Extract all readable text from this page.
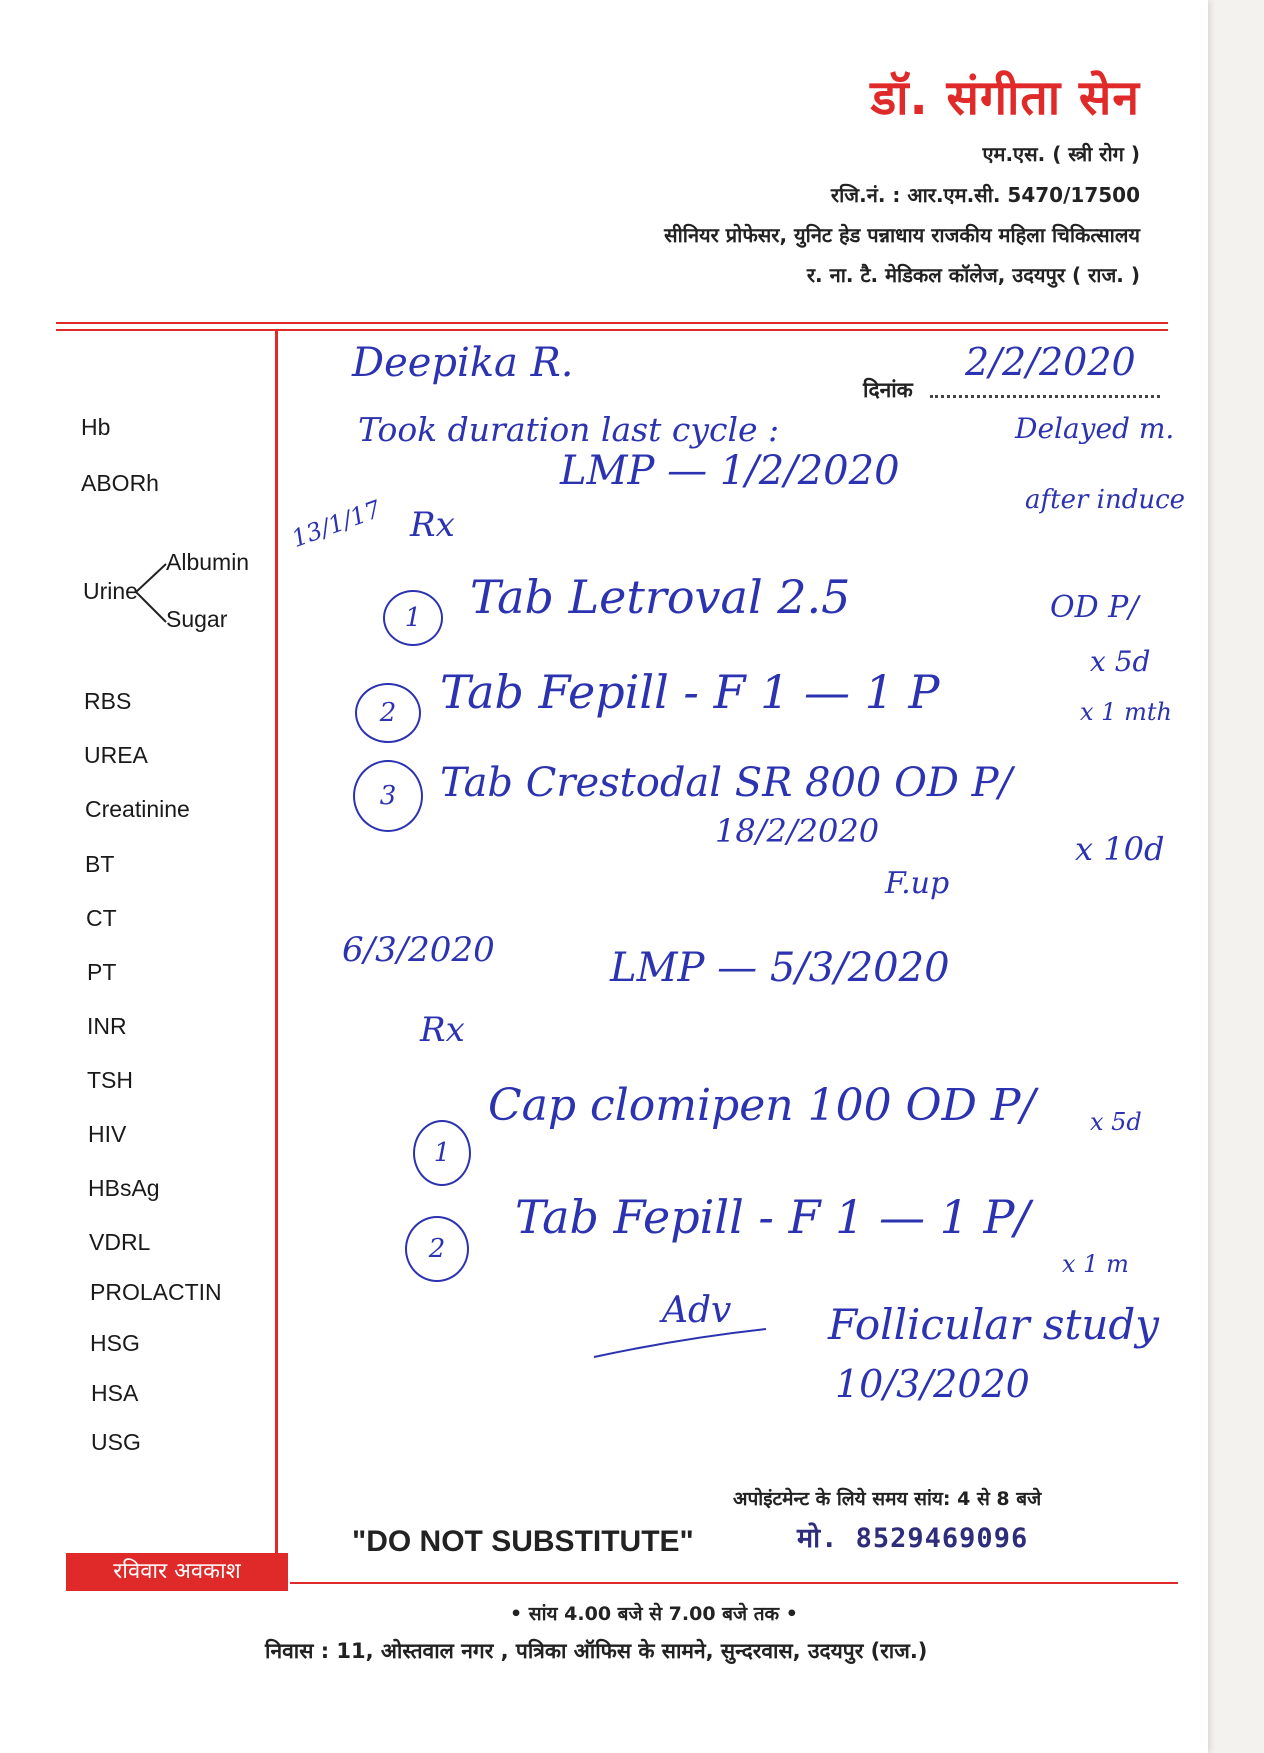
डॉ. संगीता सेन
एम.एस. ( स्त्री रोग )
रजि.नं. : आर.एम.सी. 5470/17500
सीनियर प्रोफेसर, युनिट हेड पन्नाधाय राजकीय महिला चिकित्सालय
र. ना. टै. मेडिकल कॉलेज, उदयपुर ( राज. )
दिनांक
Hb
ABORh
Urine
Albumin
Sugar
RBS
UREA
Creatinine
BT
CT
PT
INR
TSH
HIV
HBsAg
VDRL
PROLACTIN
HSG
HSA
USG
Deepika R.	2/2/2020
Took duration last cycle :	Delayed m.
LMP — 1/2/2020
after induce
13/1/17 Rx
1	Tab Letroval 2.5	OD P/
x 5d
2 Tab Fepill - F 1 — 1 P	x 1 mth
3	Tab Crestodal SR 800 OD P/
18/2/2020	x 10d
F.up
6/3/2020	LMP — 5/3/2020
Rx
1
Cap clomipen 100 OD P/ x 5d
2
Tab Fepill - F 1 — 1 P/
x 1 m
Adv Follicular study
10/3/2020
अपोइंटमेन्ट के लिये समय सांय: 4 से 8 बजे
मो. 8529469096
"DO NOT SUBSTITUTE"
रविवार अवकाश
• सांय 4.00 बजे से 7.00 बजे तक •
निवास : 11, ओस्तवाल नगर , पत्रिका ऑफिस के सामने, सुन्दरवास, उदयपुर (राज.)
